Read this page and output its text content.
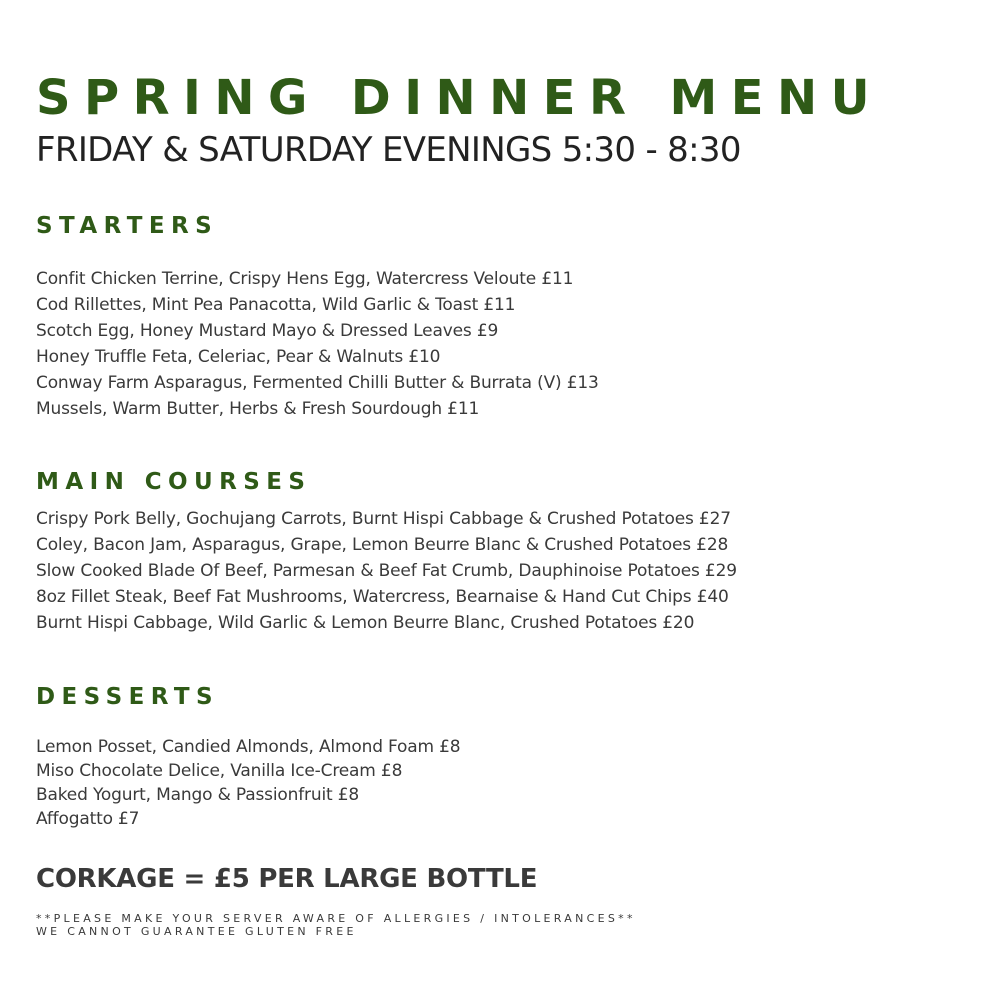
SPRING DINNER MENU
FRIDAY & SATURDAY EVENINGS 5:30 - 8:30
STARTERS
Confit Chicken Terrine, Crispy Hens Egg, Watercress Veloute £11
Cod Rillettes, Mint Pea Panacotta, Wild Garlic & Toast £11
Scotch Egg, Honey Mustard Mayo & Dressed Leaves £9
Honey Truffle Feta, Celeriac, Pear & Walnuts £10
Conway Farm Asparagus, Fermented Chilli Butter & Burrata (V) £13
Mussels, Warm Butter, Herbs & Fresh Sourdough £11
MAIN COURSES
Crispy Pork Belly, Gochujang Carrots, Burnt Hispi Cabbage & Crushed Potatoes £27
Coley, Bacon Jam, Asparagus, Grape, Lemon Beurre Blanc & Crushed Potatoes £28
Slow Cooked Blade Of Beef, Parmesan & Beef Fat Crumb, Dauphinoise Potatoes £29
8oz Fillet Steak, Beef Fat Mushrooms, Watercress, Bearnaise & Hand Cut Chips £40
Burnt Hispi Cabbage, Wild Garlic & Lemon Beurre Blanc, Crushed Potatoes £20
DESSERTS
Lemon Posset, Candied Almonds, Almond Foam £8
Miso Chocolate Delice, Vanilla Ice-Cream £8
Baked Yogurt, Mango & Passionfruit £8
Affogatto £7

CORKAGE = £5 PER LARGE BOTTLE

**PLEASE MAKE YOUR SERVER AWARE OF ALLERGIES / INTOLERANCES**
WE CANNOT GUARANTEE GLUTEN FREE
